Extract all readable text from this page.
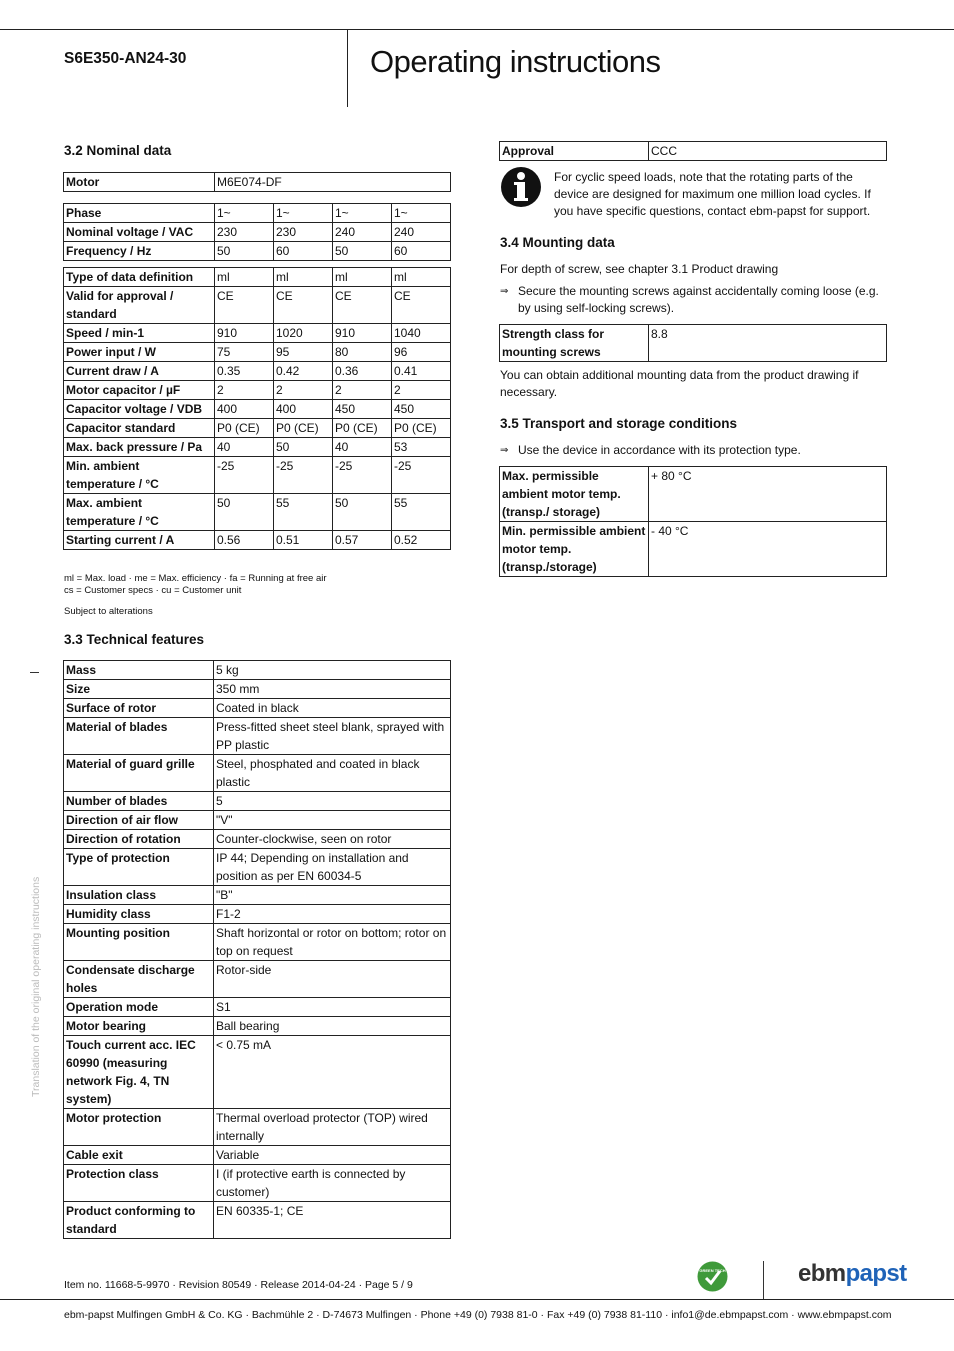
S6E350-AN24-30	Operating instructions
3.2 Nominal data
Motor	M6E074-DF
Phase	1~	1~	1~	1~
Nominal voltage / VAC	230	230	240	240
Frequency / Hz	50	60	50	60
Type of data definition	ml	ml	ml	ml
Valid for approval / standard	CE	CE	CE	CE
Speed / min-1	910	1020	910	1040
Power input / W	75	95	80	96
Current draw / A	0.35	0.42	0.36	0.41
Motor capacitor / µF	2	2	2	2
Capacitor voltage / VDB	400	400	450	450
Capacitor standard	P0 (CE)	P0 (CE)	P0 (CE)	P0 (CE)
Max. back pressure / Pa	40	50	40	53
Min. ambient temperature / °C	-25	-25	-25	-25
Max. ambient temperature / °C	50	55	50	55
Starting current / A	0.56	0.51	0.57	0.52
ml = Max. load · me = Max. efficiency · fa = Running at free air
cs = Customer specs · cu = Customer unit
Subject to alterations
3.3 Technical features
Mass	5 kg
Size	350 mm
Surface of rotor	Coated in black
Material of blades	Press-fitted sheet steel blank, sprayed with PP plastic
Material of guard grille	Steel, phosphated and coated in black plastic
Number of blades	5
Direction of air flow	"V"
Direction of rotation	Counter-clockwise, seen on rotor
Type of protection	IP 44; Depending on installation and position as per EN 60034-5
Insulation class	"B"
Humidity class	F1-2
Mounting position	Shaft horizontal or rotor on bottom; rotor on top on request
Condensate discharge holes	Rotor-side
Operation mode	S1
Motor bearing	Ball bearing
Touch current acc. IEC 60990 (measuring network Fig. 4, TN system)	< 0.75 mA
Motor protection	Thermal overload protector (TOP) wired internally
Cable exit	Variable
Protection class	I (if protective earth is connected by customer)
Product conforming to standard	EN 60335-1; CE
Approval	CCC
For cyclic speed loads, note that the rotating parts of the device are designed for maximum one million load cycles. If you have specific questions, contact ebm-papst for support.
3.4 Mounting data
For depth of screw, see chapter 3.1 Product drawing
⇒ Secure the mounting screws against accidentally coming loose (e.g. by using self-locking screws).
Strength class for mounting screws	8.8
You can obtain additional mounting data from the product drawing if necessary.
3.5 Transport and storage conditions
⇒ Use the device in accordance with its protection type.
Max. permissible ambient motor temp. (transp./ storage)	+ 80 °C
Min. permissible ambient motor temp. (transp./storage)	- 40 °C
Translation of the original operating instructions
Item no. 11668-5-9970 · Revision 80549 · Release 2014-04-24 · Page 5 / 9
GREEN TECH	ebmpapst
ebm-papst Mulfingen GmbH & Co. KG · Bachmühle 2 · D-74673 Mulfingen · Phone +49 (0) 7938 81-0 · Fax +49 (0) 7938 81-110 · info1@de.ebmpapst.com · www.ebmpapst.com
